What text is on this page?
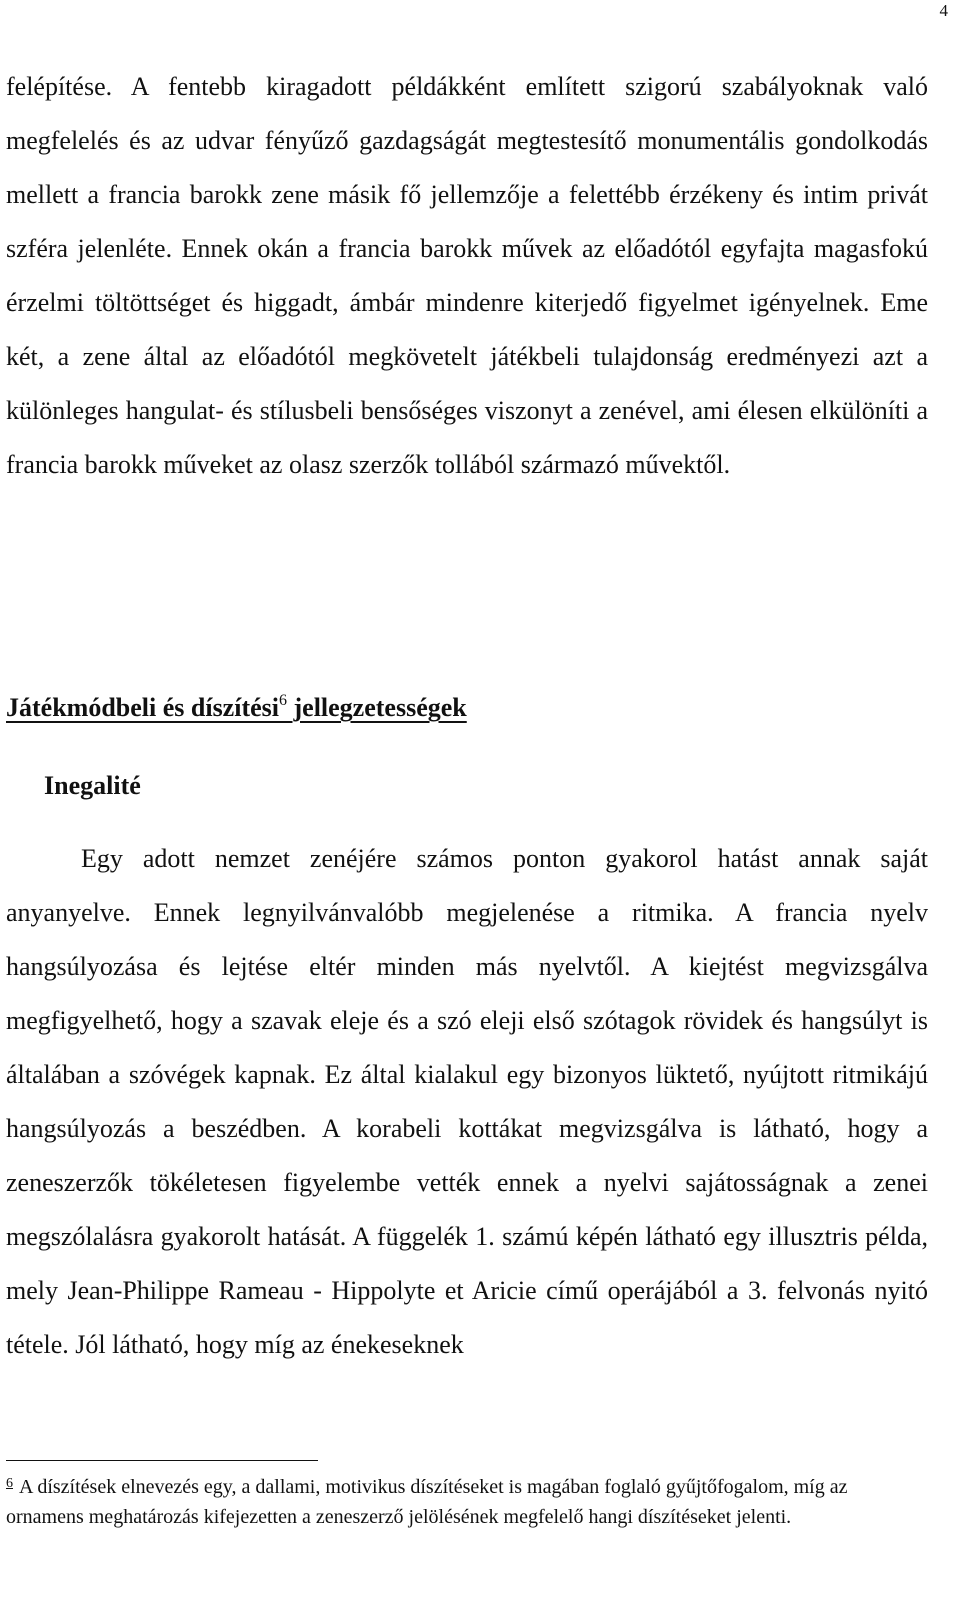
4

felépítése. A fentebb kiragadott példákként említett szigorú szabályoknak való megfelelés és az udvar fényűző gazdagságát megtestesítő monumentális gondolkodás mellett a francia barokk zene másik fő jellemzője a felettébb érzékeny és intim privát szféra jelenléte. Ennek okán a francia barokk művek az előadótól egyfajta magasfokú érzelmi töltöttséget és higgadt, ámbár mindenre kiterjedő figyelmet igényelnek. Eme két, a zene által az előadótól megkövetelt játékbeli tulajdonság eredményezi azt a különleges hangulat- és stílusbeli bensőséges viszonyt a zenével, ami élesen elkülöníti a francia barokk műveket az olasz szerzők tollából származó művektől.

Játékmódbeli és díszítési$^6$ jellegzetességek
Inegalité

Egy adott nemzet zenéjére számos ponton gyakorol hatást annak saját anyanyelve. Ennek legnyilvánvalóbb megjelenése a ritmika. A francia nyelv hangsúlyozása és lejtése eltér minden más nyelvtől. A kiejtést megvizsgálva megfigyelhető, hogy a szavak eleje és a szó eleji első szótagok rövidek és hangsúlyt is általában a szóvégek kapnak. Ez által kialakul egy bizonyos lüktető, nyújtott ritmikájú hangsúlyozás a beszédben. A korabeli kottákat megvizsgálva is látható, hogy a zeneszerzők tökéletesen figyelembe vették ennek a nyelvi sajátosságnak a zenei megszólalásra gyakorolt hatását. A függelék 1. számú képén látható egy illusztris példa, mely Jean-Philippe Rameau - Hippolyte et Aricie című operájából a 3. felvonás nyitó tétele. Jól látható, hogy míg az énekeseknek

$^6$ A díszítések elnevezés egy, a dallami, motivikus díszítéseket is magában foglaló gyűjtőfogalom, míg az ornamens meghatározás kifejezetten a zeneszerző jelölésének megfelelő hangi díszítéseket jelenti.
